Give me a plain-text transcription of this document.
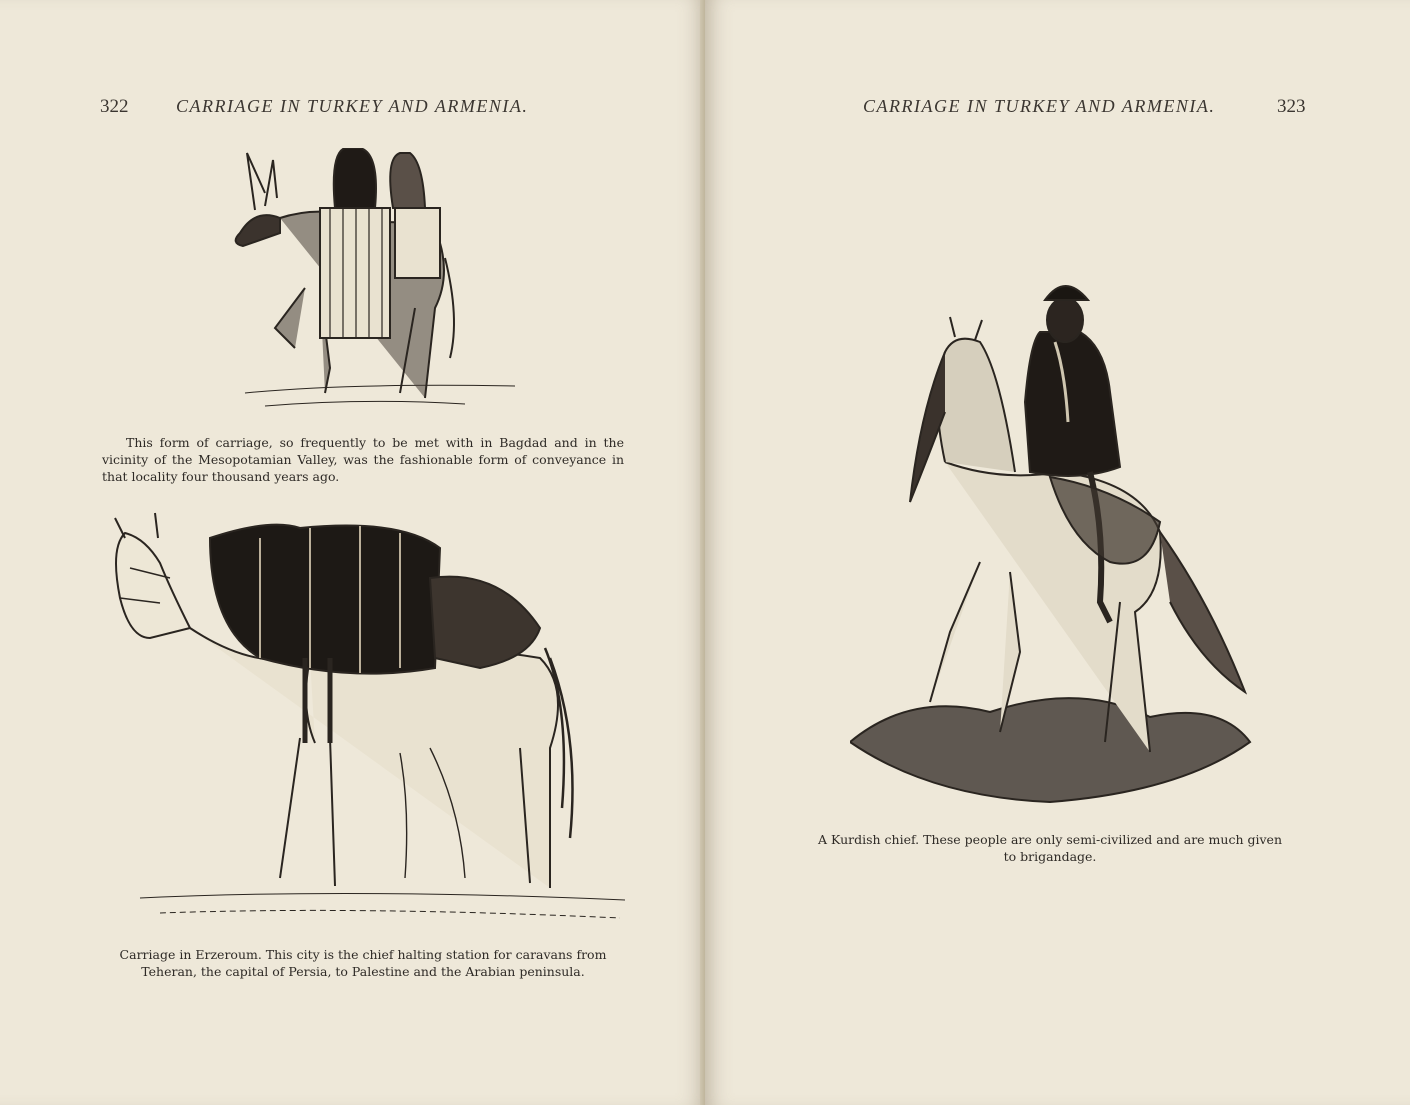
322	CARRIAGE IN TURKEY AND ARMENIA.
This form of carriage, so frequently to be met with in Bagdad and in the vicinity of the Mesopotamian Valley, was the fashionable form of conveyance in that locality four thousand years ago.
Carriage in Erzeroum. This city is the chief halting station for caravans from Teheran, the capital of Persia, to Palestine and the Arabian peninsula.
CARRIAGE IN TURKEY AND ARMENIA.	323
A Kurdish chief. These people are only semi-civilized and are much given to brigandage.
